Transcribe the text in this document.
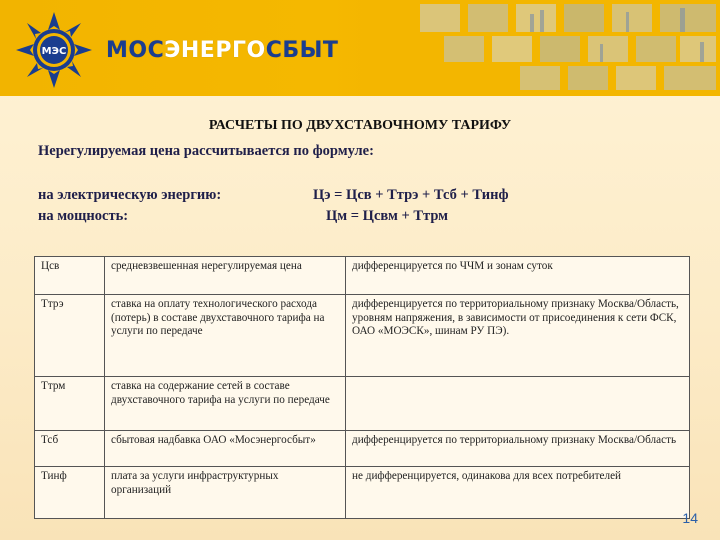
МЭС МОСЭНЕРГОСБЫТ
РАСЧЕТЫ ПО ДВУХСТАВОЧНОМУ ТАРИФУ
Нерегулируемая цена рассчитывается по формуле:
на электрическую энергию:	Цэ = Цсв + Ттрэ + Тсб + Тинф
на мощность:	Цм = Цсвм + Ттрм
Цсв	средневзвешенная нерегулируемая цена	дифференцируется по ЧЧМ и зонам суток
Ттрэ	ставка на оплату технологического расхода (потерь) в составе двухставочного тарифа на услуги по передаче	дифференцируется по территориальному признаку Москва/Область, уровням напряжения, в зависимости от присоединения к сети ФСК, ОАО «МОЭСК», шинам РУ ПЭ).
Ттрм	ставка на содержание сетей в составе двухставочного тарифа на услуги по передаче	
Тсб	сбытовая надбавка ОАО «Мосэнергосбыт»	дифференцируется по территориальному признаку Москва/Область
Тинф	плата за услуги инфраструктурных организаций	не дифференцируется, одинакова для всех потребителей
14
